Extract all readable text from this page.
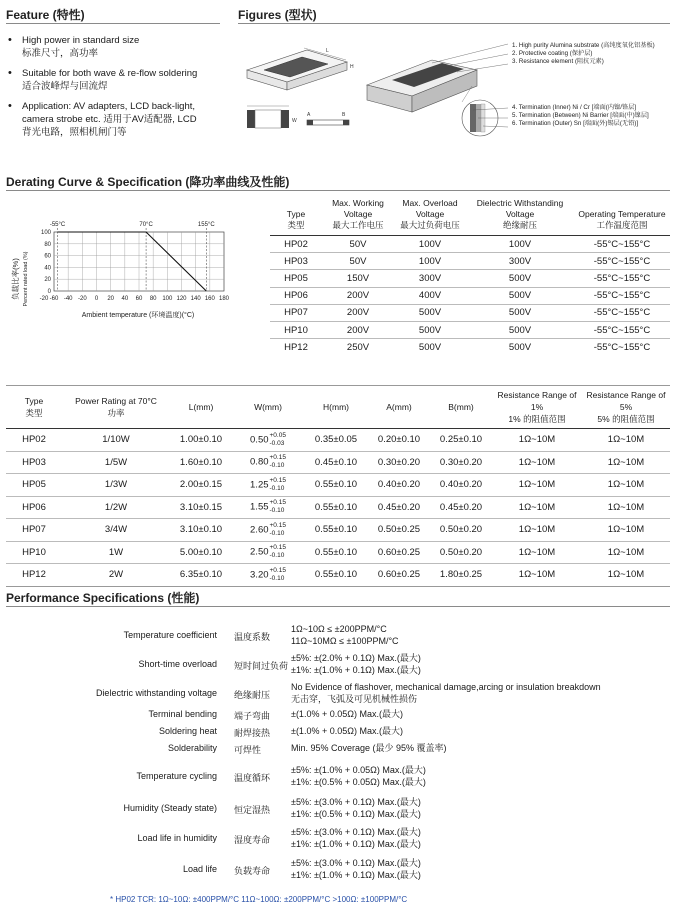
Feature (特性)
• High power in standard size
标准尺寸，高功率
• Suitable for both wave & re-flow soldering
适合波峰焊与回流焊
• Application: AV adapters, LCD back-light, camera strobe etc. 适用于AV适配器, LCD
背光电路，照相机闸门等
Figures (型状)
L
H
W
A	B
1. High purity Alumina substrate (高纯度氧化铝基板)
2. Protective coating (保护层)
3. Resistance element (阻抗元素)
4. Termination (Inner) Ni / Cr [端面(内镍/铬层]
5. Termination (Between) Ni Barrier [端面(中)镍层]
6. Termination (Outer) Sn [端面(外)锡层(无铅)]
Derating Curve & Specification (降功率曲线及性能)
负载比率(%) Percent rated load (%)
100
80
60
40
20
0
-20 -60 -40 -20 0 20 40 60 80 100 120 140 160 180
-55°C	70°C	155°C
Ambient temperature (环境温度)(°C)
Type
类型	Max. Working Voltage
最大工作电压	Max. Overload Voltage
最大过负荷电压	Dielectric Withstanding Voltage
绝缘耐压	Operating Temperature
工作温度范围
HP02	50V	100V	100V	-55°C~155°C
HP03	50V	100V	300V	-55°C~155°C
HP05	150V	300V	500V	-55°C~155°C
HP06	200V	400V	500V	-55°C~155°C
HP07	200V	500V	500V	-55°C~155°C
HP10	200V	500V	500V	-55°C~155°C
HP12	250V	500V	500V	-55°C~155°C
Type
类型	Power Rating at 70°C
功率	L(mm)	W(mm)	H(mm)	A(mm)	B(mm)	Resistance Range of 1%
1% 的阻值范围	Resistance Range of 5%
5% 的阻值范围
HP02	1/10W	1.00±0.10	0.50 +0.05
-0.03	0.35±0.05	0.20±0.10	0.25±0.10	1Ω~10M	1Ω~10M
HP03	1/5W	1.60±0.10	0.80 +0.15
-0.10	0.45±0.10	0.30±0.20	0.30±0.20	1Ω~10M	1Ω~10M
HP05	1/3W	2.00±0.15	1.25 +0.15
-0.10	0.55±0.10	0.40±0.20	0.40±0.20	1Ω~10M	1Ω~10M
HP06	1/2W	3.10±0.15	1.55 +0.15
-0.10	0.55±0.10	0.45±0.20	0.45±0.20	1Ω~10M	1Ω~10M
HP07	3/4W	3.10±0.10	2.60 +0.15
-0.10	0.55±0.10	0.50±0.25	0.50±0.20	1Ω~10M	1Ω~10M
HP10	1W	5.00±0.10	2.50 +0.15
-0.10	0.55±0.10	0.60±0.25	0.50±0.20	1Ω~10M	1Ω~10M
HP12	2W	6.35±0.10	3.20 +0.15
-0.10	0.55±0.10	0.60±0.25	1.80±0.25	1Ω~10M	1Ω~10M
Performance Specifications (性能)
Temperature coefficient 温度系数
1Ω~10Ω ≤ ±200PPM/°C
11Ω~10MΩ ≤ ±100PPM/°C
Short-time overload 短时间过负荷
±5%: ±(2.0% + 0.1Ω) Max.(最大)
±1%: ±(1.0% + 0.1Ω) Max.(最大)
Dielectric withstanding voltage 绝缘耐压
No Evidence of flashover, mechanical damage,arcing or insulation breakdown
无击穿，飞弧及可见机械性损伤
Terminal bending 端子弯曲 ±(1.0% + 0.05Ω) Max.(最大)
Soldering heat 耐焊接热 ±(1.0% + 0.05Ω) Max.(最大)
Solderability 可焊性	Min. 95% Coverage (最少 95% 覆盖率)
Temperature cycling 温度循环
±5%: ±(1.0% + 0.05Ω) Max.(最大)
±1%: ±(0.5% + 0.05Ω) Max.(最大)
Humidity (Steady state) 恒定湿热
±5%: ±(3.0% + 0.1Ω) Max.(最大)
±1%: ±(0.5% + 0.1Ω) Max.(最大)
Load life in humidity 湿度寿命
±5%: ±(3.0% + 0.1Ω) Max.(最大)
±1%: ±(1.0% + 0.1Ω) Max.(最大)
Load life 负载寿命
±5%: ±(3.0% + 0.1Ω) Max.(最大)
±1%: ±(1.0% + 0.1Ω) Max.(最大)
* HP02 TCR: 1Ω~10Ω: ±400PPM/°C 11Ω~100Ω: ±200PPM/°C >100Ω: ±100PPM/°C
